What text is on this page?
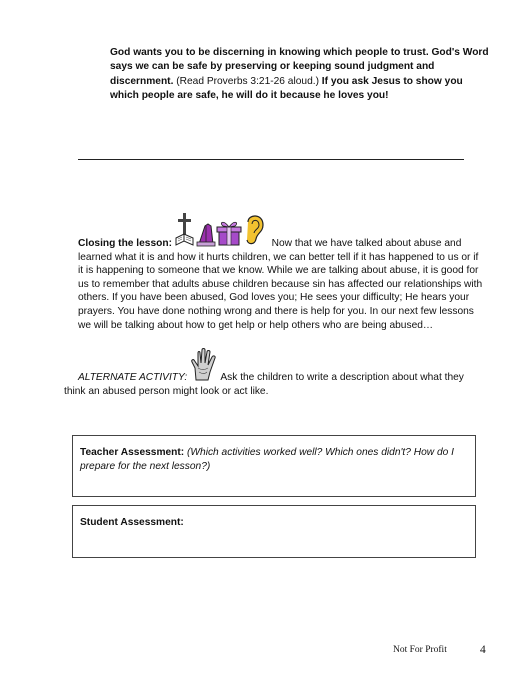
God wants you to be discerning in knowing which people to trust. God's Word says we can be safe by preserving or keeping sound judgment and discernment. (Read Proverbs 3:21-26 aloud.) If you ask Jesus to show you which people are safe, he will do it because he loves you!
Closing the lesson:	Now that we have talked about abuse and learned what it is and how it hurts children, we can better tell if it has happened to us or if it is happening to someone that we know. While we are talking about abuse, it is good for us to remember that adults abuse children because sin has affected our relationships with others. If you have been abused, God loves you; He sees your difficulty; He hears your prayers. You have done nothing wrong and there is help for you. In our next few lessons we will be talking about how to get help or help others who are being abused…
ALTERNATE ACTIVITY:	Ask the children to write a description about what they
think an abused person might look or act like.
Teacher Assessment: (Which activities worked well? Which ones didn't? How do I prepare for the next lesson?)
Student Assessment:
Not For Profit	4
